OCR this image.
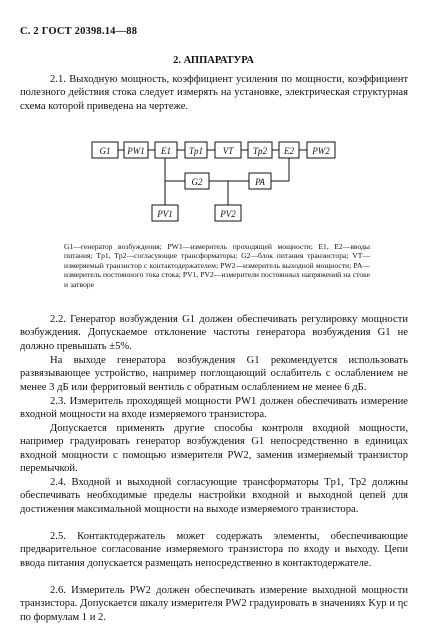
С. 2 ГОСТ 20398.14—88
2. АППАРАТУРА
2.1. Выходную мощность, коэффициент усиления по мощности, коэффициент полезного действия стока следует измерять на установке, электрическая структурная схема которой приведена на чертеже.
G1 PW1 E1 Tp1 VT Tp2 E2 PW2
G2	PA
PV1	PV2
G1—генератор возбуждения; PW1—измеритель проходящей мощности; E1, E2—вводы питания; Tp1, Tp2—согласующие трансформаторы; G2—блок питания транзистора; VT—измеряемый транзистор с контактодержателем; PW2—измеритель выходной мощности; PA—измеритель постоянного тока стока; PV1, PV2—измерители постоянных напряжений на стоке и затворе
2.2. Генератор возбуждения G1 должен обеспечивать регулировку мощности возбуждения. Допускаемое отклонение частоты генератора возбуждения G1 не должно превышать ±5%.
На выходе генератора возбуждения G1 рекомендуется использовать развязывающее устройство, например поглощающий ослабитель с ослаблением не менее 3 дБ или ферритовый вентиль с обратным ослаблением не менее 6 дБ.
2.3. Измеритель проходящей мощности PW1 должен обеспечивать измерение входной мощности на входе измеряемого транзистора.
Допускается применять другие способы контроля входной мощности, например градуировать генератор возбуждения G1 непосредственно в единицах входной мощности с помощью измерителя PW2, заменив измеряемый транзистор перемычкой.
2.4. Входной и выходной согласующие трансформаторы Tp1, Tp2 должны обеспечивать необходимые пределы настройки входной и выходной цепей для достижения максимальной мощности на выходе измеряемого транзистора.
2.5. Контактодержатель может содержать элементы, обеспечивающие предварительное согласование измеряемого транзистора по входу и выходу. Цепи ввода питания допускается размещать непосредственно в контактодержателе.
2.6. Измеритель PW2 должен обеспечивать измерение выходной мощности транзистора. Допускается шкалу измерителя PW2 градуировать в значениях Kур и ηc по формулам 1 и 2.
